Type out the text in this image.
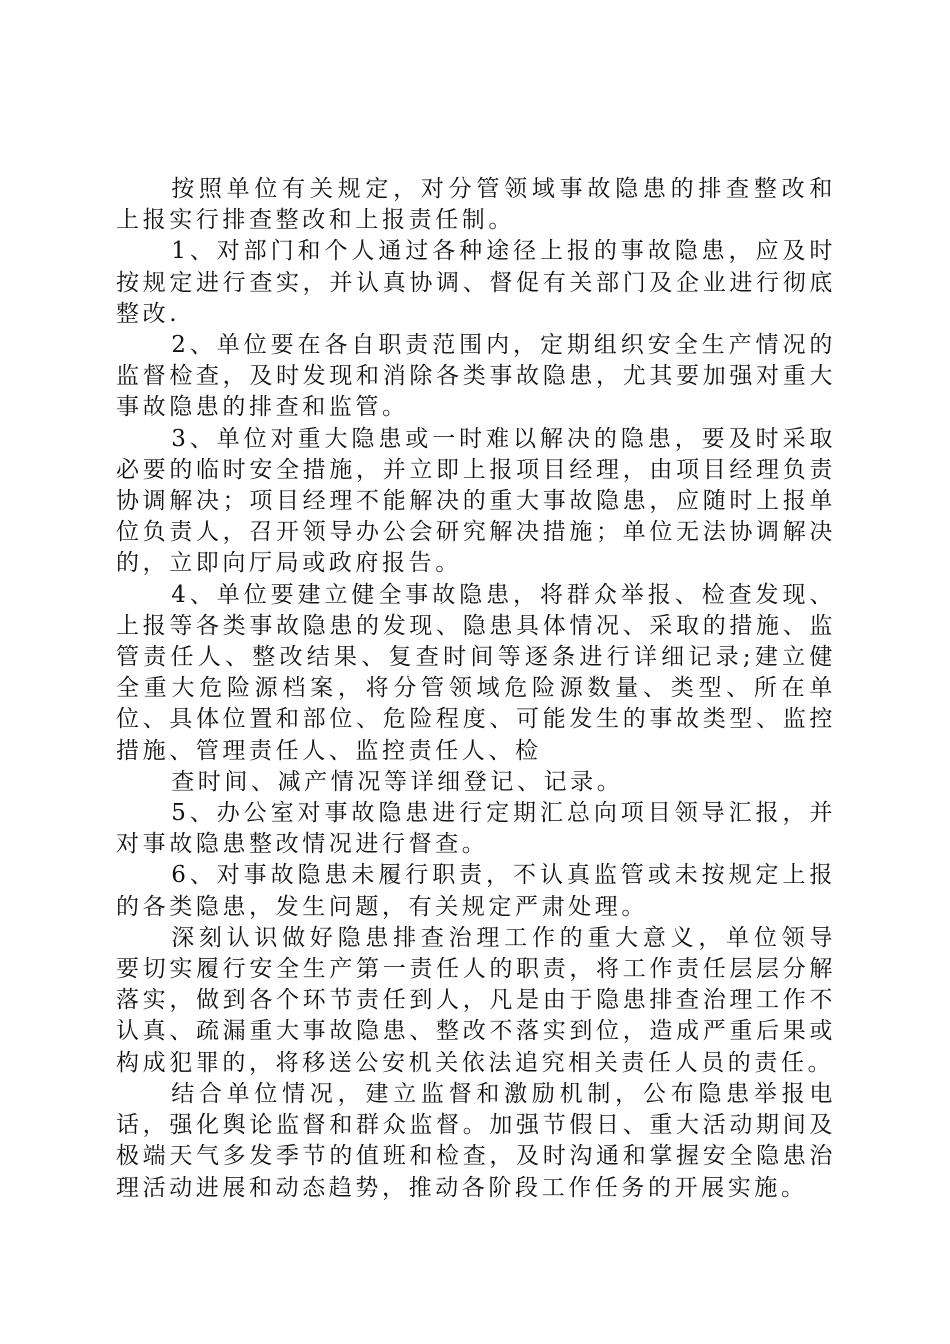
按照单位有关规定，对分管领域事故隐患的排查整改和上报实行排查整改和上报责任制。

1、对部门和个人通过各种途径上报的事故隐患，应及时按规定进行查实，并认真协调、督促有关部门及企业进行彻底整改.

2、单位要在各自职责范围内，定期组织安全生产情况的监督检查，及时发现和消除各类事故隐患，尤其要加强对重大事故隐患的排查和监管。

3、单位对重大隐患或一时难以解决的隐患，要及时采取必要的临时安全措施，并立即上报项目经理，由项目经理负责协调解决；项目经理不能解决的重大事故隐患，应随时上报单位负责人，召开领导办公会研究解决措施；单位无法协调解决的，立即向厅局或政府报告。

4、单位要建立健全事故隐患，将群众举报、检查发现、上报等各类事故隐患的发现、隐患具体情况、采取的措施、监管责任人、整改结果、复查时间等逐条进行详细记录;建立健全重大危险源档案，将分管领域危险源数量、类型、所在单位、具体位置和部位、危险程度、可能发生的事故类型、监控措施、管理责任人、监控责任人、检

查时间、减产情况等详细登记、记录。

5、办公室对事故隐患进行定期汇总向项目领导汇报，并对事故隐患整改情况进行督查。

6、对事故隐患未履行职责，不认真监管或未按规定上报的各类隐患，发生问题，有关规定严肃处理。

深刻认识做好隐患排查治理工作的重大意义，单位领导要切实履行安全生产第一责任人的职责，将工作责任层层分解落实，做到各个环节责任到人，凡是由于隐患排查治理工作不认真、疏漏重大事故隐患、整改不落实到位，造成严重后果或构成犯罪的，将移送公安机关依法追究相关责任人员的责任。

结合单位情况，建立监督和激励机制，公布隐患举报电话，强化舆论监督和群众监督。加强节假日、重大活动期间及极端天气多发季节的值班和检查，及时沟通和掌握安全隐患治理活动进展和动态趋势，推动各阶段工作任务的开展实施。
